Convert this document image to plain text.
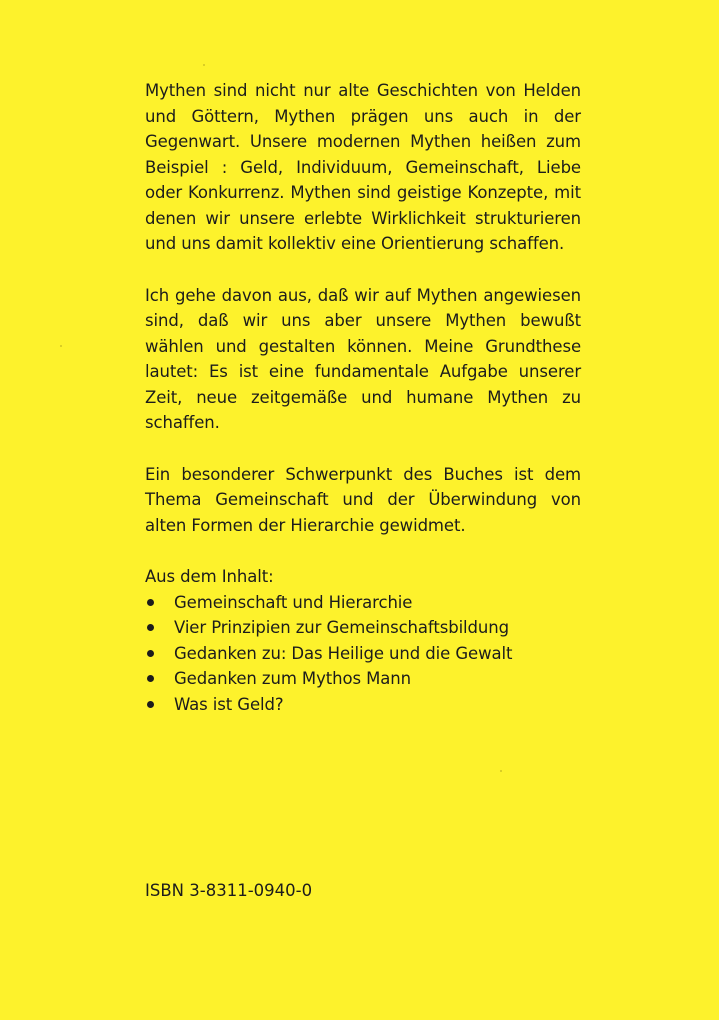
Mythen sind nicht nur alte Geschichten von Helden und Göttern, Mythen prägen uns auch in der Gegenwart. Unsere modernen Mythen heißen zum Beispiel : Geld, Individuum, Gemeinschaft, Liebe oder Konkurrenz. Mythen sind geistige Konzepte, mit denen wir unsere erlebte Wirklichkeit strukturieren und uns damit kollektiv eine Orientierung schaffen.

Ich gehe davon aus, daß wir auf Mythen angewiesen sind, daß wir uns aber unsere Mythen bewußt wählen und gestalten können. Meine Grundthese lautet: Es ist eine fundamentale Aufgabe unserer Zeit, neue zeitgemäße und humane Mythen zu schaffen.

Ein besonderer Schwerpunkt des Buches ist dem Thema Gemeinschaft und der Überwindung von alten Formen der Hierarchie gewidmet.

Aus dem Inhalt:

Gemeinschaft und Hierarchie
Vier Prinzipien zur Gemeinschaftsbildung
Gedanken zu: Das Heilige und die Gewalt
Gedanken zum Mythos Mann
Was ist Geld?
ISBN 3-8311-0940-0
